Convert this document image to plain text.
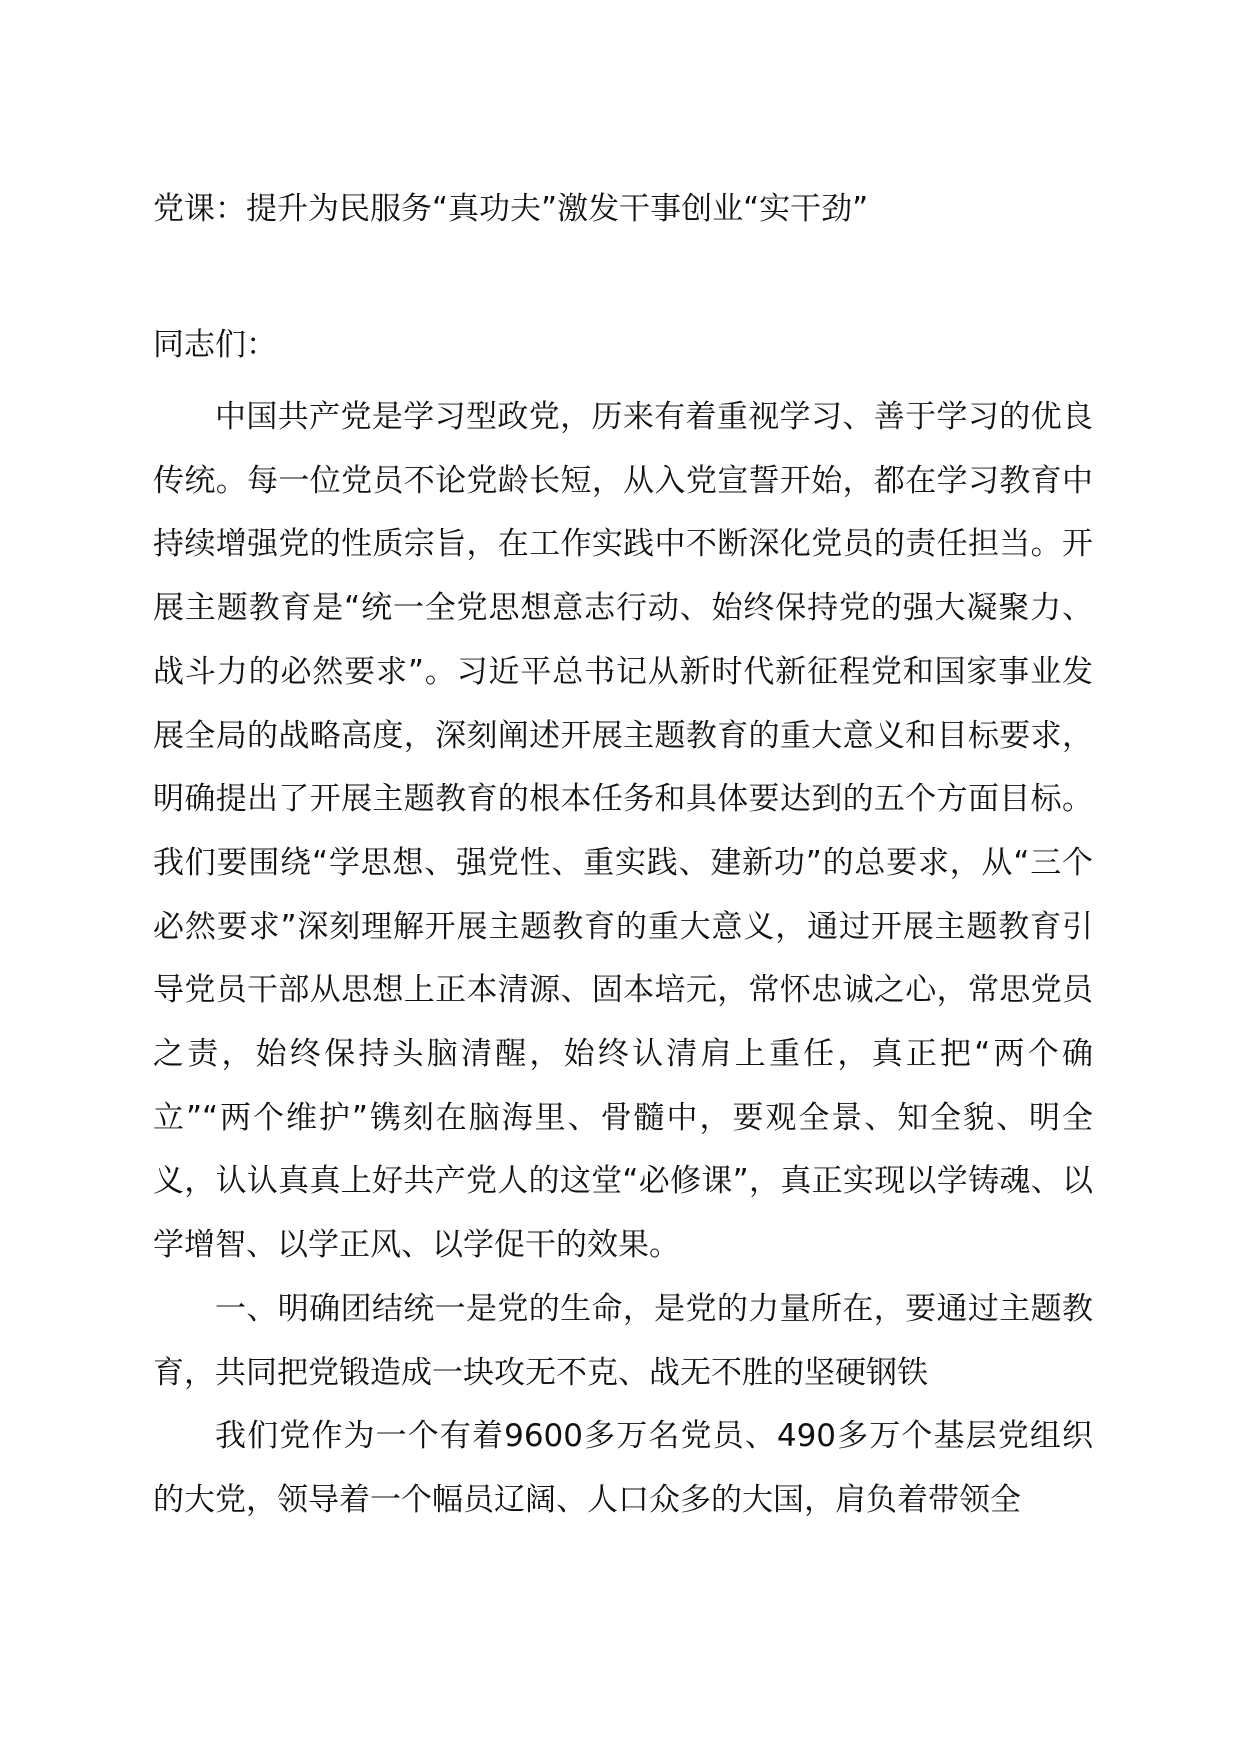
党课：提升为民服务“真功夫”激发干事创业“实干劲”

同志们：

中国共产党是学习型政党，历来有着重视学习、善于学习的优良传统。每一位党员不论党龄长短，从入党宣誓开始，都在学习教育中持续增强党的性质宗旨，在工作实践中不断深化党员的责任担当。开展主题教育是“统一全党思想意志行动、始终保持党的强大凝聚力、战斗力的必然要求”。习近平总书记从新时代新征程党和国家事业发展全局的战略高度，深刻阐述开展主题教育的重大意义和目标要求，明确提出了开展主题教育的根本任务和具体要达到的五个方面目标。我们要围绕“学思想、强党性、重实践、建新功”的总要求，从“三个必然要求”深刻理解开展主题教育的重大意义，通过开展主题教育引导党员干部从思想上正本清源、固本培元，常怀忠诚之心，常思党员之责，始终保持头脑清醒，始终认清肩上重任，真正把“两个确立”“两个维护”镌刻在脑海里、骨髓中，要观全景、知全貌、明全义，认认真真上好共产党人的这堂“必修课”，真正实现以学铸魂、以学增智、以学正风、以学促干的效果。

一、明确团结统一是党的生命，是党的力量所在，要通过主题教育，共同把党锻造成一块攻无不克、战无不胜的坚硬钢铁

我们党作为一个有着9600多万名党员、490多万个基层党组织的大党，领导着一个幅员辽阔、人口众多的大国，肩负着带领全
